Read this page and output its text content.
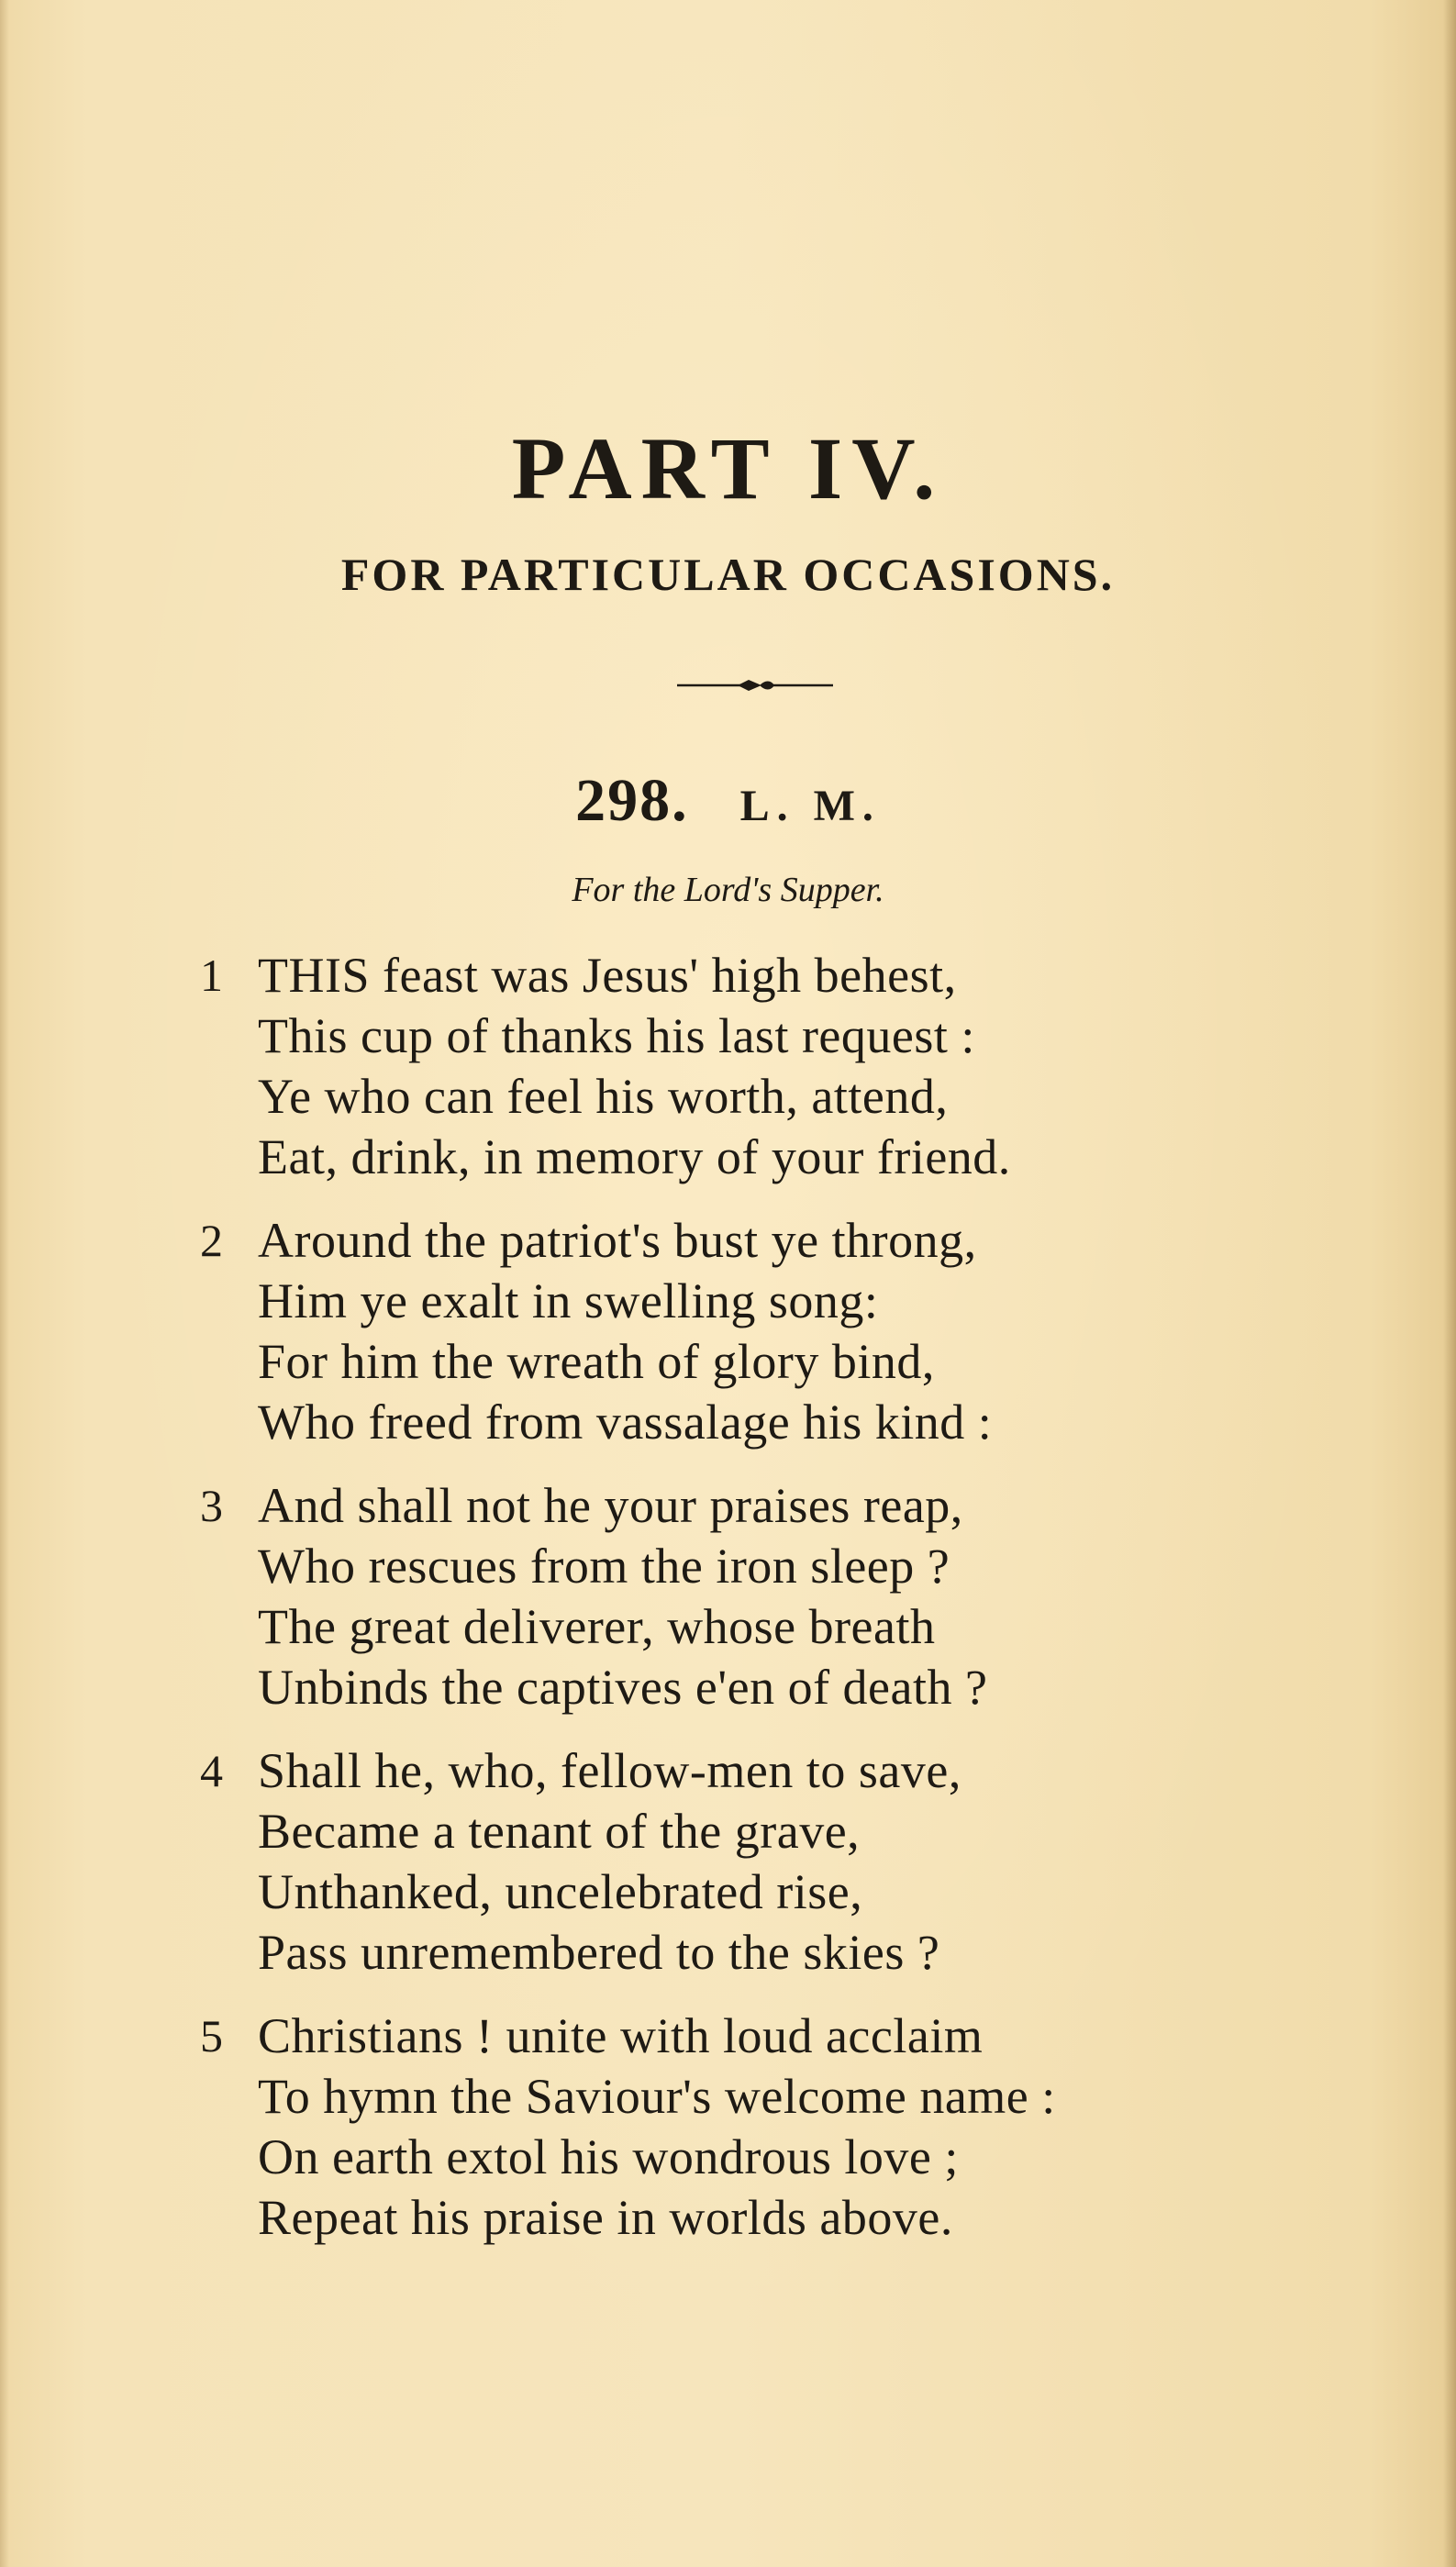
PART IV.
FOR PARTICULAR OCCASIONS.
298. L. M.

For the Lord's Supper.

1 THIS feast was Jesus' high behest,
This cup of thanks his last request :
Ye who can feel his worth, attend,
Eat, drink, in memory of your friend.
2 Around the patriot's bust ye throng,
Him ye exalt in swelling song:
For him the wreath of glory bind,
Who freed from vassalage his kind :
3 And shall not he your praises reap,
Who rescues from the iron sleep ?
The great deliverer, whose breath
Unbinds the captives e'en of death ?
4 Shall he, who, fellow-men to save,
Became a tenant of the grave,
Unthanked, uncelebrated rise,
Pass unremembered to the skies ?
5 Christians ! unite with loud acclaim
To hymn the Saviour's welcome name :
On earth extol his wondrous love ;
Repeat his praise in worlds above.
